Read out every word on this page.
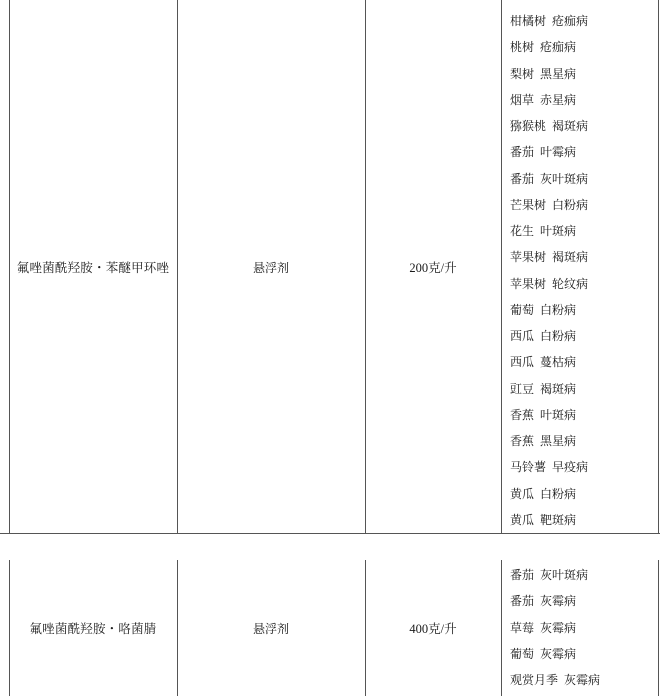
氟唑菌酰羟胺・苯醚甲环唑	悬浮剂	200克/升
柑橘树 疮痂病
桃树 疮痂病
梨树 黑星病
烟草 赤星病
猕猴桃 褐斑病
番茄 叶霉病
番茄 灰叶斑病
芒果树 白粉病
花生 叶斑病
苹果树 褐斑病
苹果树 轮纹病
葡萄 白粉病
西瓜 白粉病
西瓜 蔓枯病
豇豆 褐斑病
香蕉 叶斑病
香蕉 黑星病
马铃薯 早疫病
黄瓜 白粉病
黄瓜 靶斑病
氟唑菌酰羟胺・咯菌腈	悬浮剂	400克/升
番茄 灰叶斑病
番茄 灰霉病
草莓 灰霉病
葡萄 灰霉病
观赏月季 灰霉病
